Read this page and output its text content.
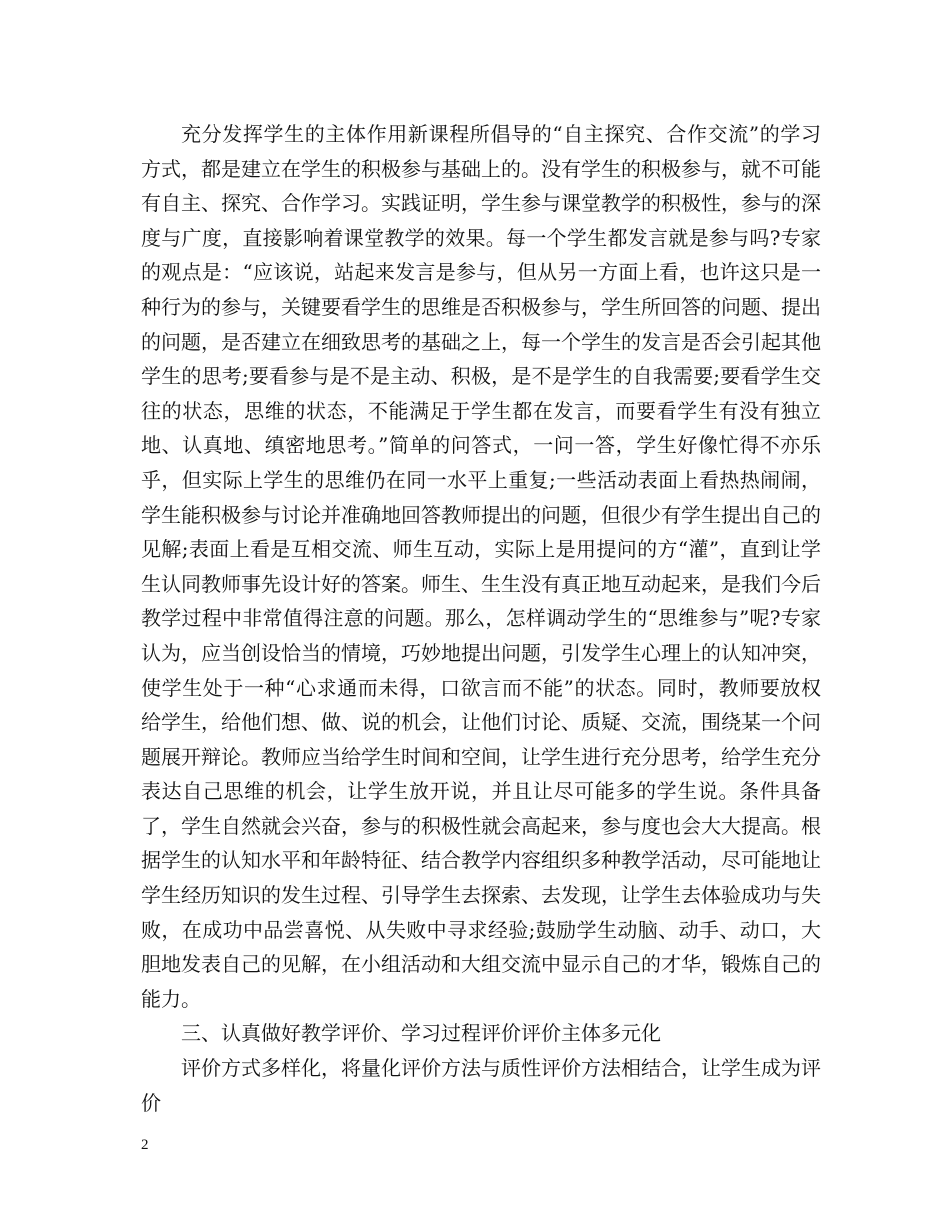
充分发挥学生的主体作用新课程所倡导的“自主探究、合作交流”的学习方式，都是建立在学生的积极参与基础上的。没有学生的积极参与，就不可能有自主、探究、合作学习。实践证明，学生参与课堂教学的积极性，参与的深度与广度，直接影响着课堂教学的效果。每一个学生都发言就是参与吗?专家的观点是：“应该说，站起来发言是参与，但从另一方面上看，也许这只是一种行为的参与，关键要看学生的思维是否积极参与，学生所回答的问题、提出的问题，是否建立在细致思考的基础之上，每一个学生的发言是否会引起其他学生的思考;要看参与是不是主动、积极，是不是学生的自我需要;要看学生交往的状态，思维的状态，不能满足于学生都在发言，而要看学生有没有独立地、认真地、缜密地思考。”简单的问答式，一问一答，学生好像忙得不亦乐乎，但实际上学生的思维仍在同一水平上重复;一些活动表面上看热热闹闹，学生能积极参与讨论并准确地回答教师提出的问题，但很少有学生提出自己的见解;表面上看是互相交流、师生互动，实际上是用提问的方“灌”，直到让学生认同教师事先设计好的答案。师生、生生没有真正地互动起来，是我们今后教学过程中非常值得注意的问题。那么，怎样调动学生的“思维参与”呢?专家认为，应当创设恰当的情境，巧妙地提出问题，引发学生心理上的认知冲突，使学生处于一种“心求通而未得，口欲言而不能”的状态。同时，教师要放权给学生，给他们想、做、说的机会，让他们讨论、质疑、交流，围绕某一个问题展开辩论。教师应当给学生时间和空间，让学生进行充分思考，给学生充分表达自己思维的机会，让学生放开说，并且让尽可能多的学生说。条件具备了，学生自然就会兴奋，参与的积极性就会高起来，参与度也会大大提高。根据学生的认知水平和年龄特征、结合教学内容组织多种教学活动，尽可能地让学生经历知识的发生过程、引导学生去探索、去发现，让学生去体验成功与失败，在成功中品尝喜悦、从失败中寻求经验;鼓励学生动脑、动手、动口，大胆地发表自己的见解，在小组活动和大组交流中显示自己的才华，锻炼自己的能力。

三、认真做好教学评价、学习过程评价评价主体多元化

评价方式多样化，将量化评价方法与质性评价方法相结合，让学生成为评价

2
